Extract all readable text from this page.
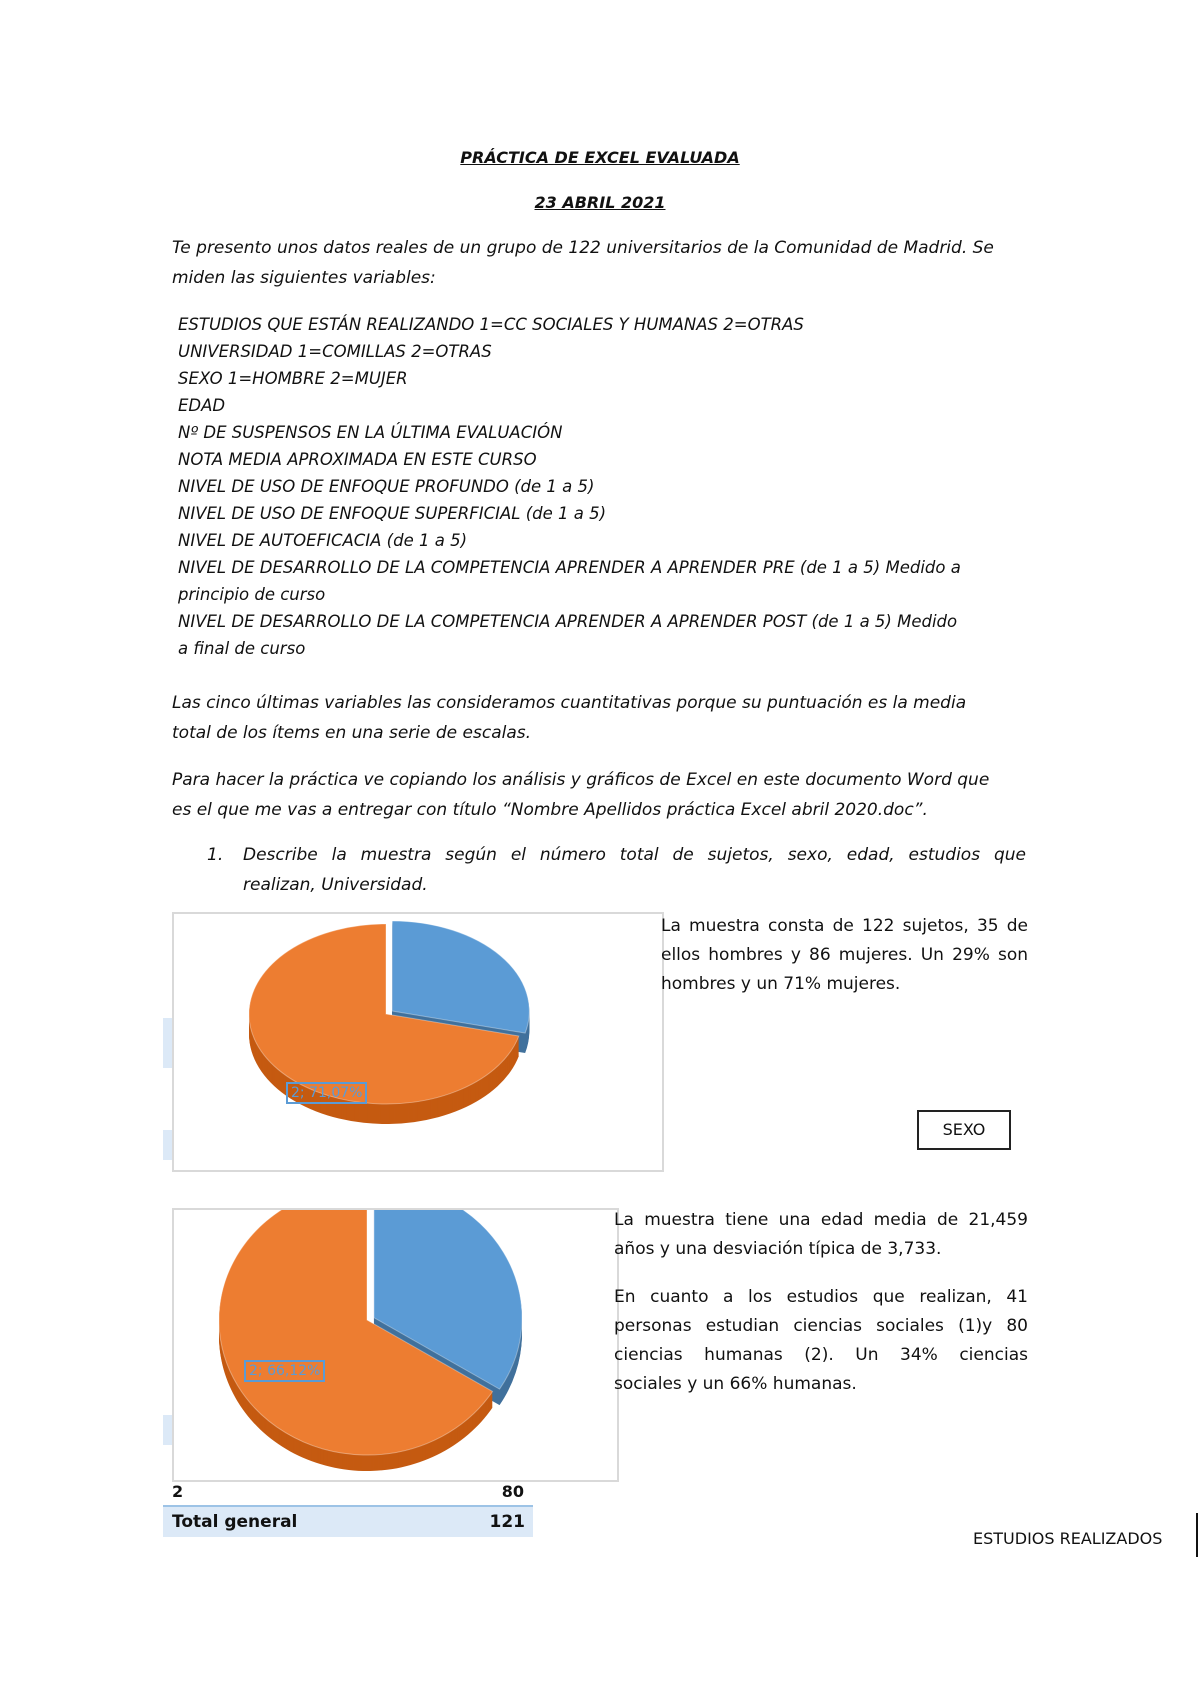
PRÁCTICA DE EXCEL EVALUADA
23 ABRIL 2021
Te presento unos datos reales de un grupo de 122 universitarios de la Comunidad de Madrid. Se
miden las siguientes variables:
ESTUDIOS QUE ESTÁN REALIZANDO 1=CC SOCIALES Y HUMANAS 2=OTRAS
UNIVERSIDAD 1=COMILLAS 2=OTRAS
SEXO 1=HOMBRE 2=MUJER
EDAD
Nº DE SUSPENSOS EN LA ÚLTIMA EVALUACIÓN
NOTA MEDIA APROXIMADA EN ESTE CURSO
NIVEL DE USO DE ENFOQUE PROFUNDO (de 1 a 5)
NIVEL DE USO DE ENFOQUE SUPERFICIAL (de 1 a 5)
NIVEL DE AUTOEFICACIA (de 1 a 5)
NIVEL DE DESARROLLO DE LA COMPETENCIA APRENDER A APRENDER PRE (de 1 a 5) Medido a
principio de curso
NIVEL DE DESARROLLO DE LA COMPETENCIA APRENDER A APRENDER POST (de 1 a 5) Medido
a final de curso
Las cinco últimas variables las consideramos cuantitativas porque su puntuación es la media
total de los ítems en una serie de escalas.
Para hacer la práctica ve copiando los análisis y gráficos de Excel en este documento Word que
es el que me vas a entregar con título “Nombre Apellidos práctica Excel abril 2020.doc”.
1. Describe la muestra según el número total de sujetos, sexo, edad, estudios que
realizan, Universidad.
2; 71,07%
La muestra consta de 122 sujetos, 35 de
ellos hombres y 86 mujeres. Un 29% son
hombres y un 71% mujeres.
SEXO
2; 66,12%
La muestra tiene una edad media de 21,459
años y una desviación típica de 3,733.
En cuanto a los estudios que realizan, 41
personas estudian ciencias sociales (1)y 80
ciencias humanas (2). Un 34% ciencias
sociales y un 66% humanas.
2	80
Total general	121
ESTUDIOS REALIZADOS
